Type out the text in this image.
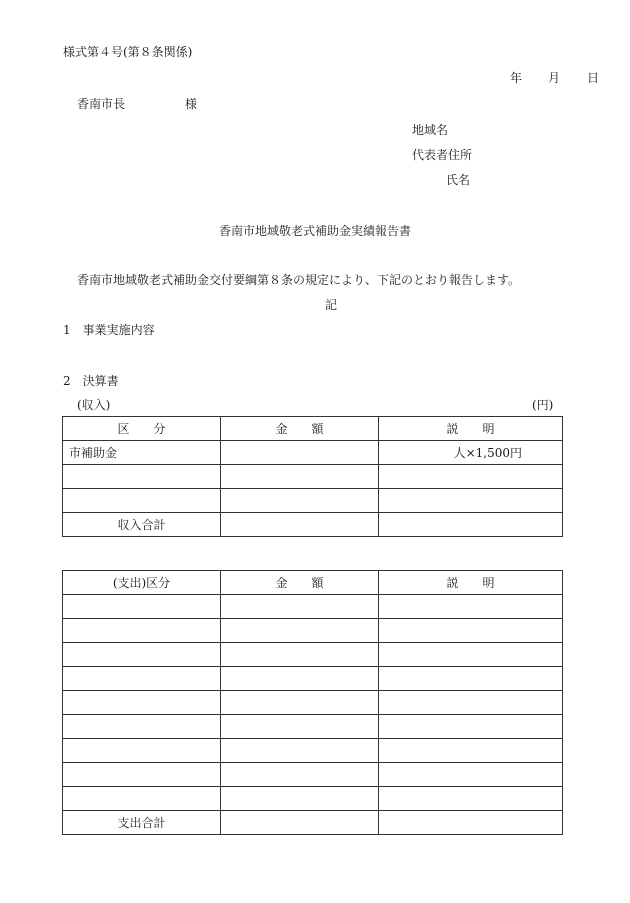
様式第４号(第８条関係)
年 月 日
香南市長　　　　　様
地域名
代表者住所
氏名
香南市地域敬老式補助金実績報告書
香南市地域敬老式補助金交付要綱第８条の規定により、下記のとおり報告します。
記
1　事業実施内容
2　決算書
(収入)	(円)
区　　分	金　　額	説　　明
市補助金		人×1,500円

収入合計		
(支出)区分	金　　額	説　　明

支出合計		
